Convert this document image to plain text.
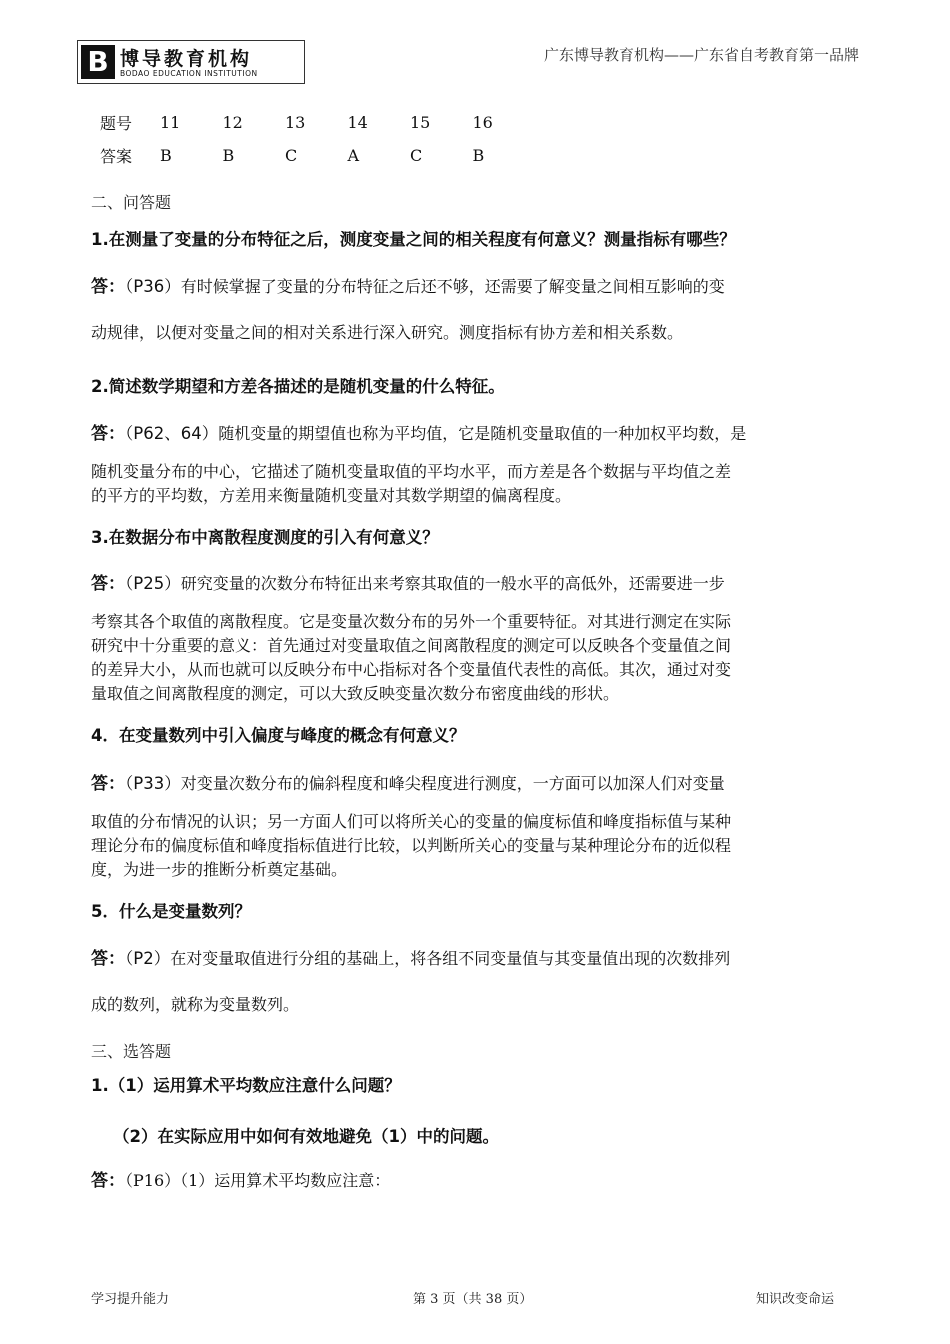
B 博导教育机构
BODAO EDUCATION INSTITUTION
广东博导教育机构——广东省自考教育第一品牌
题号	11	12	13	14	15	16
答案	B	B	C	A	C	B
二、问答题
1.在测量了变量的分布特征之后，测度变量之间的相关程度有何意义？测量指标有哪些？

答：（P36）有时候掌握了变量的分布特征之后还不够，还需要了解变量之间相互影响的变

动规律，以便对变量之间的相对关系进行深入研究。测度指标有协方差和相关系数。

2.简述数学期望和方差各描述的是随机变量的什么特征。

答：（P62、64）随机变量的期望值也称为平均值，它是随机变量取值的一种加权平均数，是

随机变量分布的中心，它描述了随机变量取值的平均水平，而方差是各个数据与平均值之差

的平方的平均数，方差用来衡量随机变量对其数学期望的偏离程度。

3.在数据分布中离散程度测度的引入有何意义？

答：（P25）研究变量的次数分布特征出来考察其取值的一般水平的高低外，还需要进一步

考察其各个取值的离散程度。它是变量次数分布的另外一个重要特征。对其进行测定在实际

研究中十分重要的意义：首先通过对变量取值之间离散程度的测定可以反映各个变量值之间

的差异大小，从而也就可以反映分布中心指标对各个变量值代表性的高低。其次，通过对变

量取值之间离散程度的测定，可以大致反映变量次数分布密度曲线的形状。

4．在变量数列中引入偏度与峰度的概念有何意义？

答：（P33）对变量次数分布的偏斜程度和峰尖程度进行测度，一方面可以加深人们对变量

取值的分布情况的认识；另一方面人们可以将所关心的变量的偏度标值和峰度指标值与某种

理论分布的偏度标值和峰度指标值进行比较，以判断所关心的变量与某种理论分布的近似程

度，为进一步的推断分析奠定基础。

5．什么是变量数列？

答：（P2）在对变量取值进行分组的基础上，将各组不同变量值与其变量值出现的次数排列

成的数列，就称为变量数列。

三、选答题
1.（1）运用算术平均数应注意什么问题？
（2）在实际应用中如何有效地避免（1）中的问题。

答：（P16）（1）运用算术平均数应注意：

学习提升能力	第 3 页（共 38 页）	知识改变命运
